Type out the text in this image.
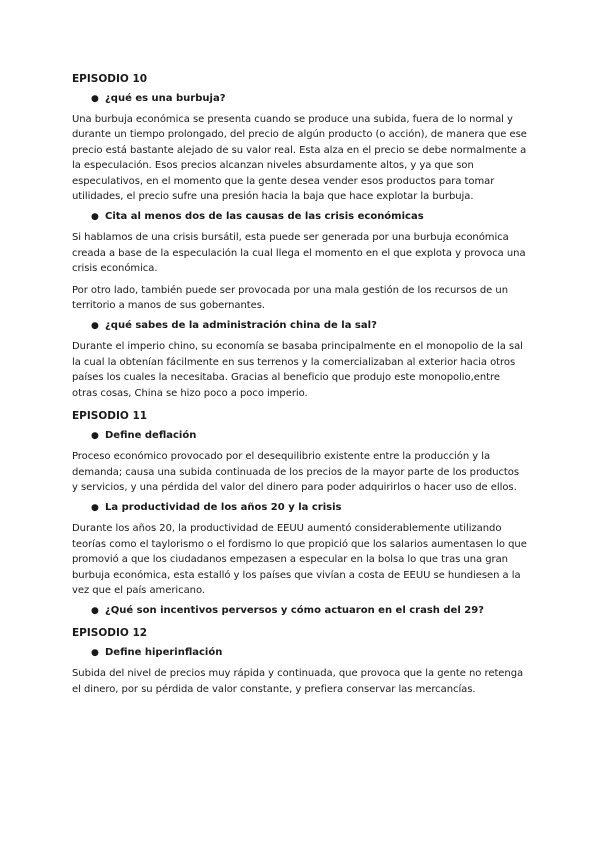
EPISODIO 10
● ¿qué es una burbuja?

Una burbuja económica se presenta cuando se produce una subida, fuera de lo normal y durante un tiempo prolongado, del precio de algún producto (o acción), de manera que ese precio está bastante alejado de su valor real. Esta alza en el precio se debe normalmente a la especulación. Esos precios alcanzan niveles absurdamente altos, y ya que son especulativos, en el momento que la gente desea vender esos productos para tomar utilidades, el precio sufre una presión hacia la baja que hace explotar la burbuja.

● Cita al menos dos de las causas de las crisis económicas

Si hablamos de una crisis bursátil, esta puede ser generada por una burbuja económica creada a base de la especulación la cual llega el momento en el que explota y provoca una crisis económica.

Por otro lado, también puede ser provocada por una mala gestión de los recursos de un territorio a manos de sus gobernantes.

● ¿qué sabes de la administración china de la sal?

Durante el imperio chino, su economía se basaba principalmente en el monopolio de la sal la cual la obtenían fácilmente en sus terrenos y la comercializaban al exterior hacia otros países los cuales la necesitaba. Gracias al beneficio que produjo este monopolio,entre otras cosas, China se hizo poco a poco imperio.

EPISODIO 11
● Define deflación

Proceso económico provocado por el desequilibrio existente entre la producción y la demanda; causa una subida continuada de los precios de la mayor parte de los productos y servicios, y una pérdida del valor del dinero para poder adquirirlos o hacer uso de ellos.

● La productividad de los años 20 y la crisis

Durante los años 20, la productividad de EEUU aumentó considerablemente utilizando teorías como el taylorismo o el fordismo lo que propició que los salarios aumentasen lo que promovió a que los ciudadanos empezasen a especular en la bolsa lo que tras una gran burbuja económica, esta estalló y los países que vivían a costa de EEUU se hundiesen a la vez que el país americano.

● ¿Qué son incentivos perversos y cómo actuaron en el crash del 29?
EPISODIO 12
● Define hiperinflación

Subida del nivel de precios muy rápida y continuada, que provoca que la gente no retenga el dinero, por su pérdida de valor constante, y prefiera conservar las mercancías.
